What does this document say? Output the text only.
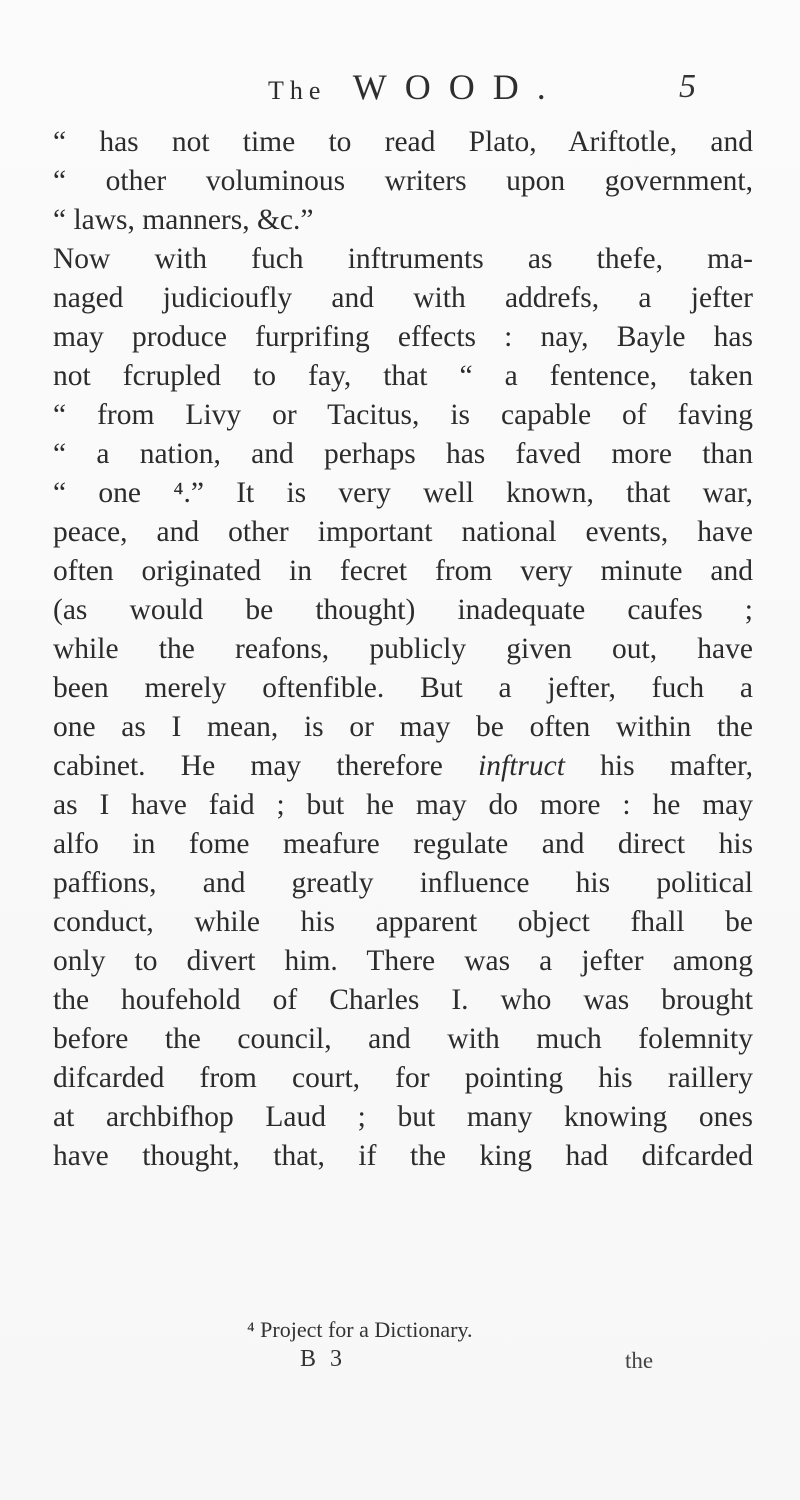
The WOOD.	5
“ has not time to read Plato, Ariftotle, and
“ other voluminous writers upon government,
“ laws, manners, &c.”
Now with fuch inftruments as thefe, ma-
naged judicioufly and with addrefs, a jefter
may produce furprifing effects : nay, Bayle has
not fcrupled to fay, that “ a fentence, taken
“ from Livy or Tacitus, is capable of faving
“ a nation, and perhaps has faved more than
“ one ⁴.” It is very well known, that war,
peace, and other important national events, have
often originated in fecret from very minute and
(as would be thought) inadequate caufes ;
while the reafons, publicly given out, have
been merely oftenfible. But a jefter, fuch a
one as I mean, is or may be often within the
cabinet. He may therefore inftruct his mafter,
as I have faid ; but he may do more : he may
alfo in fome meafure regulate and direct his
paffions, and greatly influence his political
conduct, while his apparent object fhall be
only to divert him. There was a jefter among
the houfehold of Charles I. who was brought
before the council, and with much folemnity
difcarded from court, for pointing his raillery
at archbifhop Laud ; but many knowing ones
have thought, that, if the king had difcarded
⁴ Project for a Dictionary.
B 3	the
